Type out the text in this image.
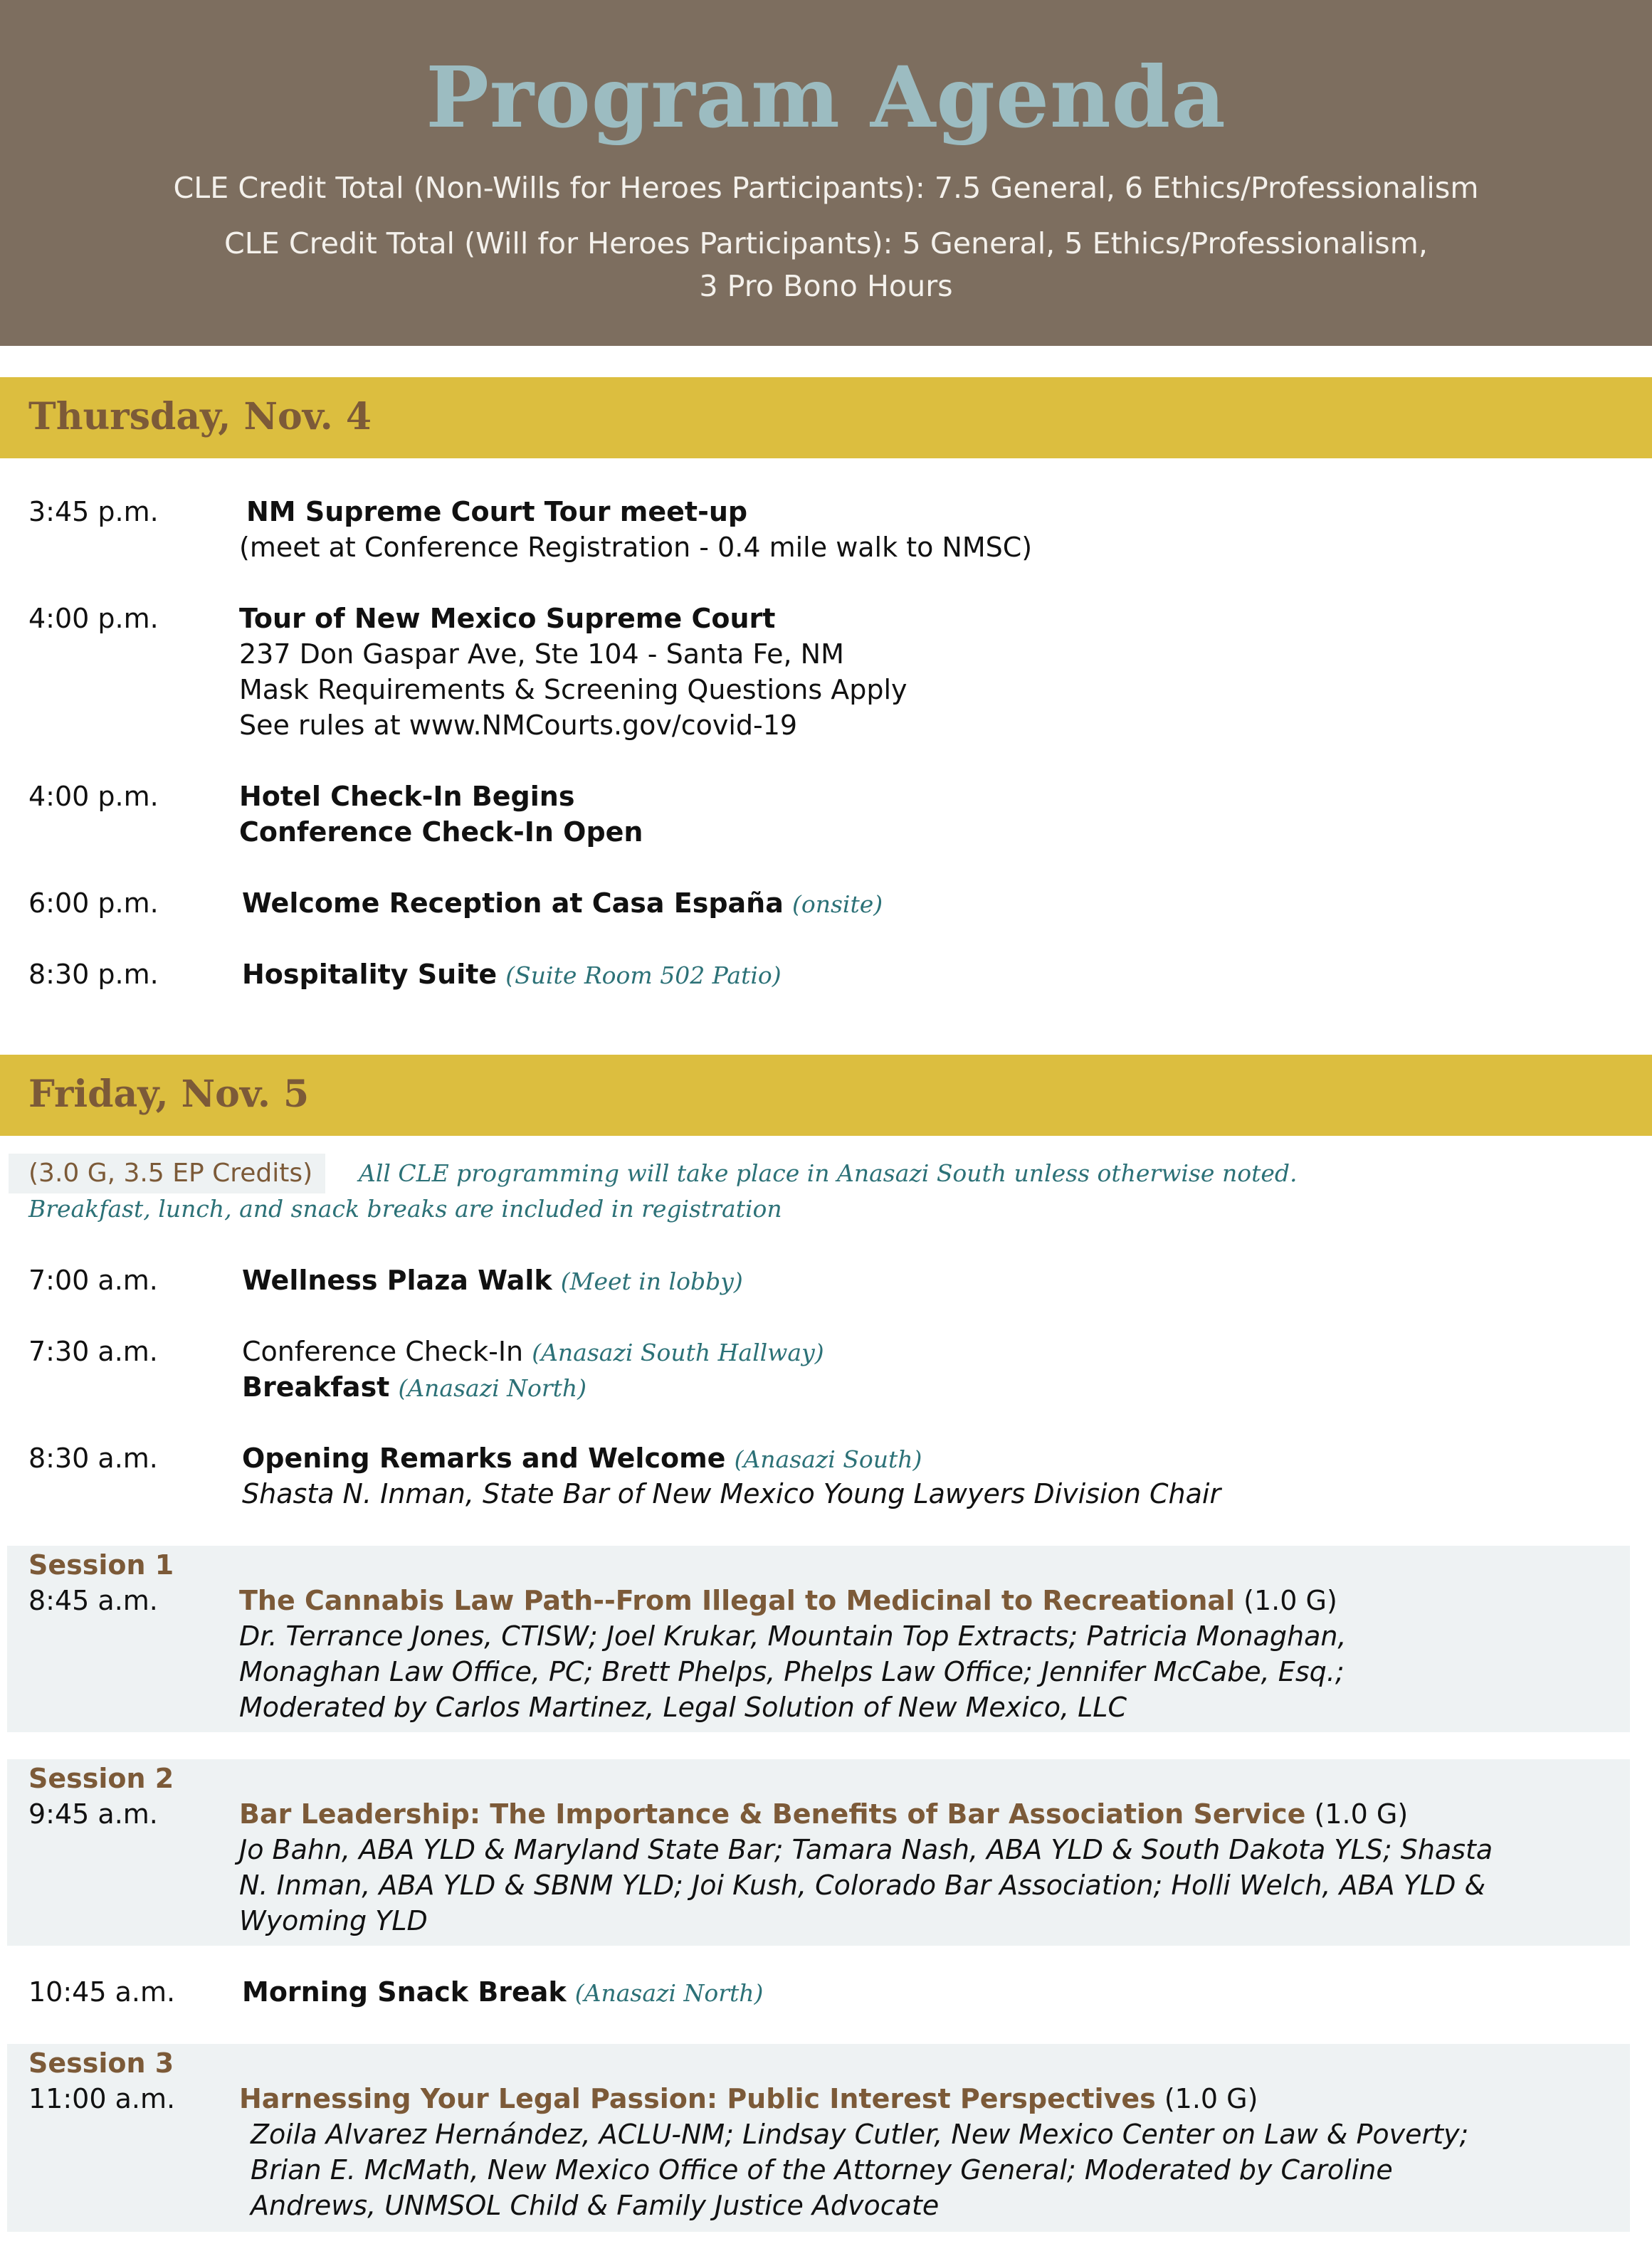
Program Agenda
CLE Credit Total (Non-Wills for Heroes Participants): 7.5 General, 6 Ethics/Professionalism
CLE Credit Total (Will for Heroes Participants): 5 General, 5 Ethics/Professionalism,
3 Pro Bono Hours
Thursday, Nov. 4
3:45 p.m.	NM Supreme Court Tour meet-up
(meet at Conference Registration - 0.4 mile walk to NMSC)
4:00 p.m.	Tour of New Mexico Supreme Court
237 Don Gaspar Ave, Ste 104 - Santa Fe, NM
Mask Requirements & Screening Questions Apply
See rules at www.NMCourts.gov/covid-19
4:00 p.m.	Hotel Check-In Begins
Conference Check-In Open
6:00 p.m.	Welcome Reception at Casa España (onsite)
8:30 p.m.	Hospitality Suite (Suite Room 502 Patio)
Friday, Nov. 5
(3.0 G, 3.5 EP Credits)	All CLE programming will take place in Anasazi South unless otherwise noted.
Breakfast, lunch, and snack breaks are included in registration
7:00 a.m.	Wellness Plaza Walk (Meet in lobby)
7:30 a.m.	Conference Check-In (Anasazi South Hallway)
Breakfast (Anasazi North)
8:30 a.m.	Opening Remarks and Welcome (Anasazi South)
Shasta N. Inman, State Bar of New Mexico Young Lawyers Division Chair
Session 1
8:45 a.m.	The Cannabis Law Path--From Illegal to Medicinal to Recreational (1.0 G)
Dr. Terrance Jones, CTISW; Joel Krukar, Mountain Top Extracts; Patricia Monaghan,
Monaghan Law Office, PC; Brett Phelps, Phelps Law Office; Jennifer McCabe, Esq.;
Moderated by Carlos Martinez, Legal Solution of New Mexico, LLC
Session 2
9:45 a.m.	Bar Leadership: The Importance & Benefits of Bar Association Service (1.0 G)
Jo Bahn, ABA YLD & Maryland State Bar; Tamara Nash, ABA YLD & South Dakota YLS; Shasta
N. Inman, ABA YLD & SBNM YLD; Joi Kush, Colorado Bar Association; Holli Welch, ABA YLD &
Wyoming YLD
10:45 a.m. Morning Snack Break (Anasazi North)
Session 3
11:00 a.m. Harnessing Your Legal Passion: Public Interest Perspectives (1.0 G)
Zoila Alvarez Hernández, ACLU-NM; Lindsay Cutler, New Mexico Center on Law & Poverty;
Brian E. McMath, New Mexico Office of the Attorney General; Moderated by Caroline
Andrews, UNMSOL Child & Family Justice Advocate
